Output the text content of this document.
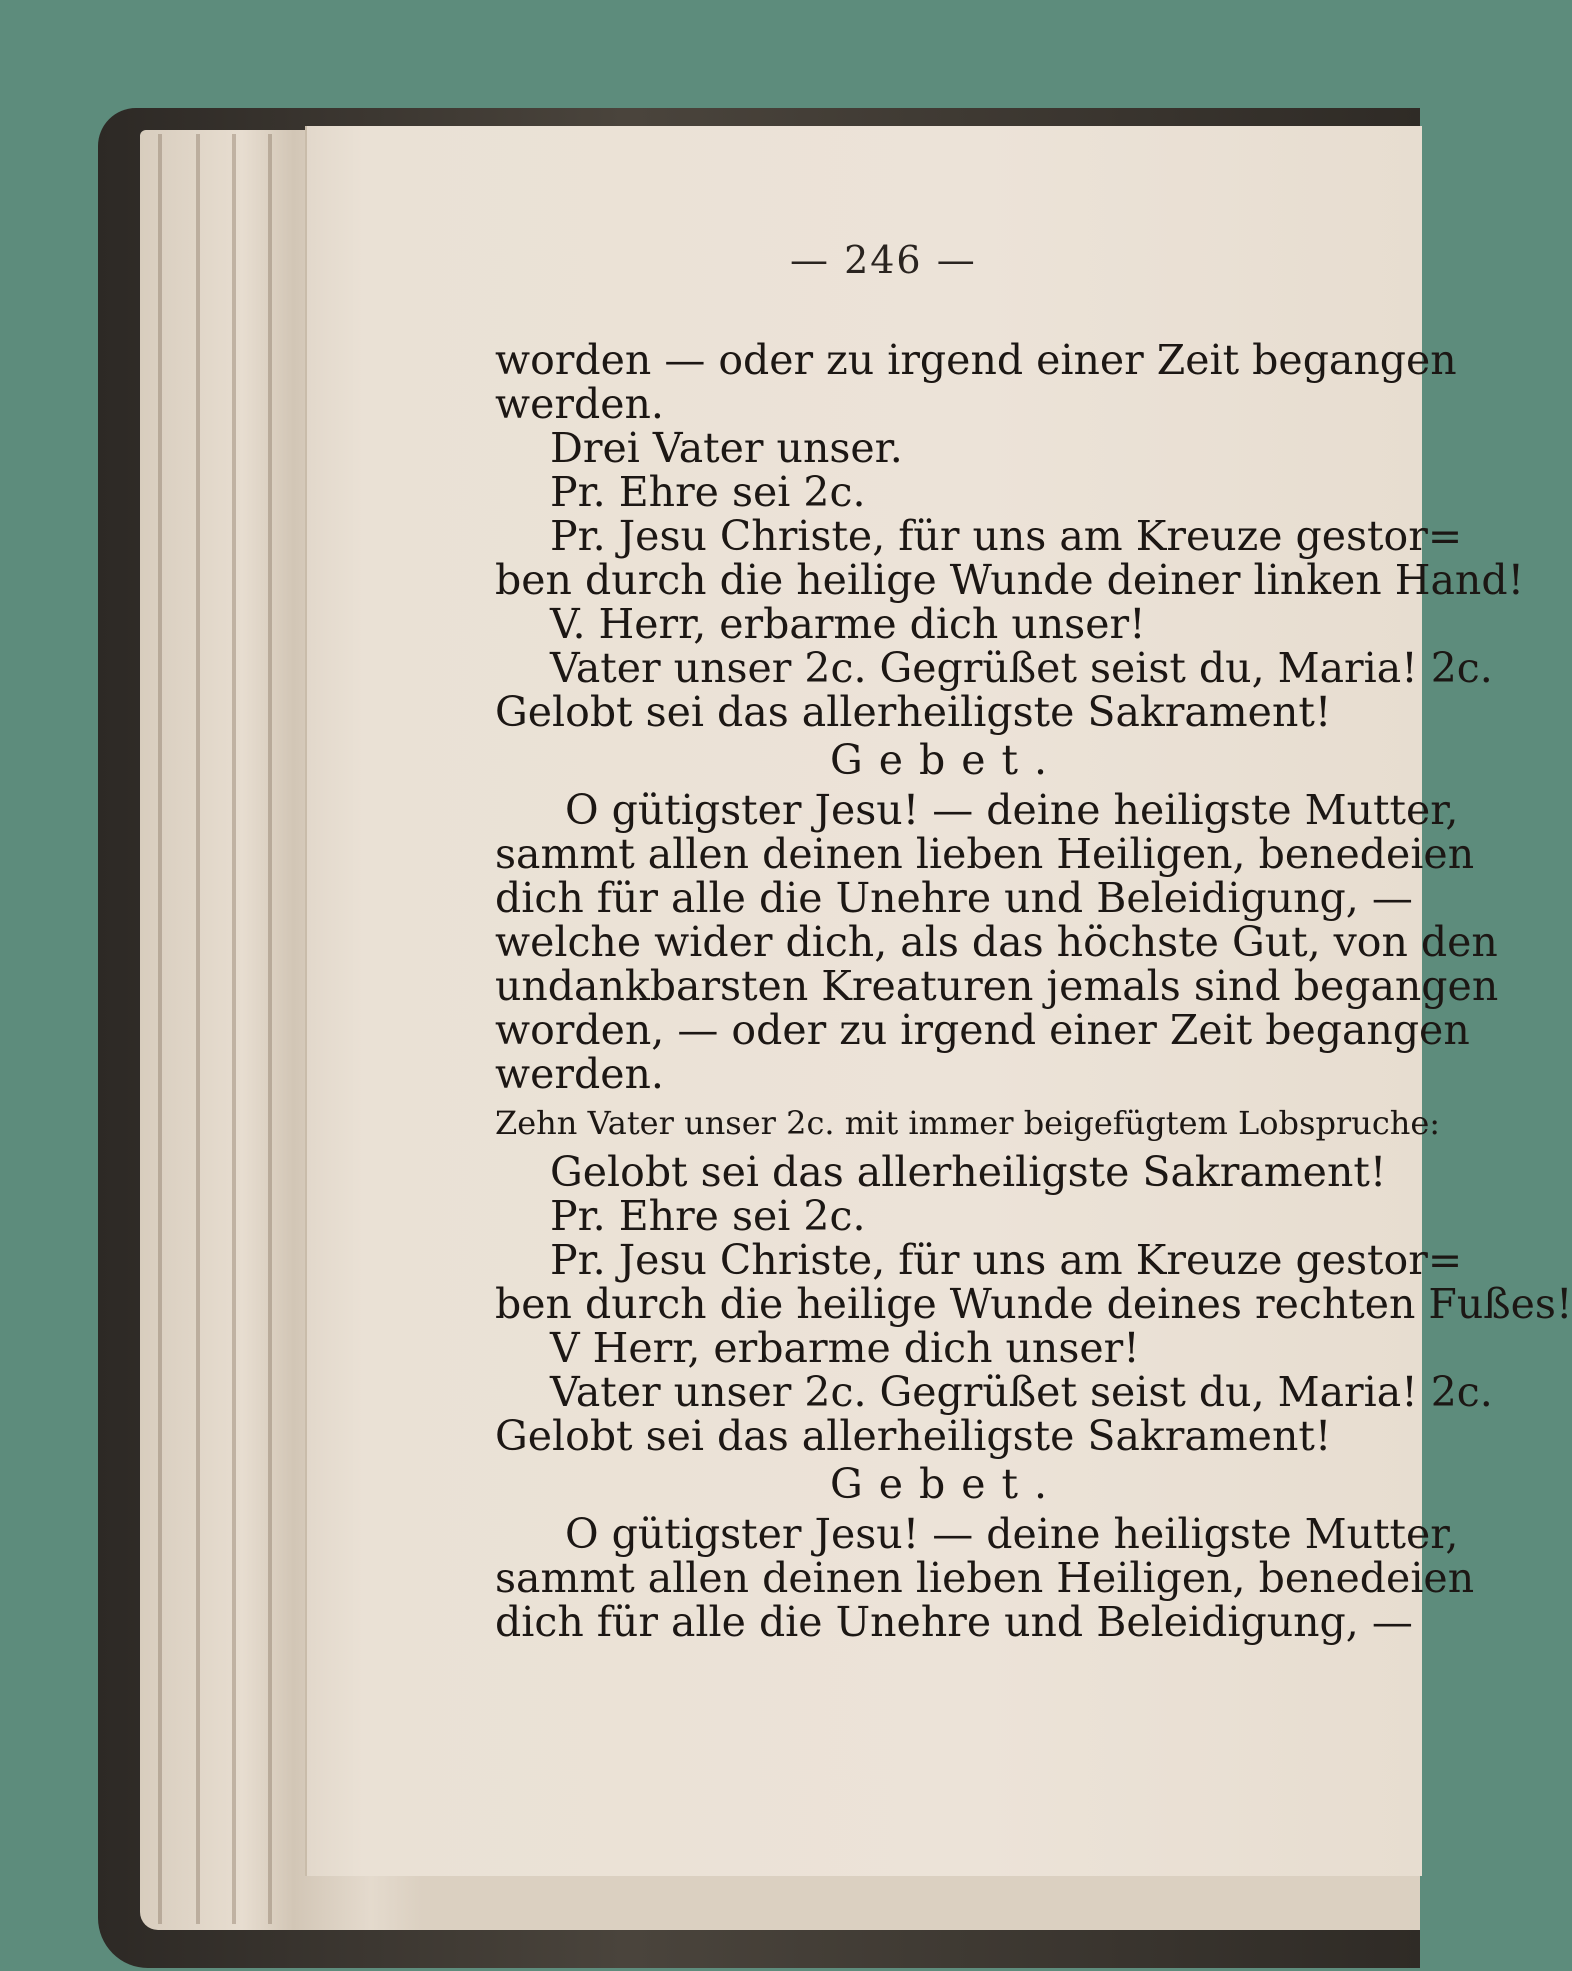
— 246 —
worden — oder zu irgend einer Zeit begangen
werden.
Drei Vater unser.
Pr. Ehre sei 2c.
Pr. Jesu Christe, für uns am Kreuze gestor=
ben durch die heilige Wunde deiner linken Hand!
V. Herr, erbarme dich unser!
Vater unser 2c. Gegrüßet seist du, Maria! 2c.
Gelobt sei das allerheiligste Sakrament!
Gebet.
O gütigster Jesu! — deine heiligste Mutter,
sammt allen deinen lieben Heiligen, benedeien
dich für alle die Unehre und Beleidigung, —
welche wider dich, als das höchste Gut, von den
undankbarsten Kreaturen jemals sind begangen
worden, — oder zu irgend einer Zeit begangen
werden.
Zehn Vater unser 2c. mit immer beigefügtem Lobspruche:
Gelobt sei das allerheiligste Sakrament!
Pr. Ehre sei 2c.
Pr. Jesu Christe, für uns am Kreuze gestor=
ben durch die heilige Wunde deines rechten Fußes!
V Herr, erbarme dich unser!
Vater unser 2c. Gegrüßet seist du, Maria! 2c.
Gelobt sei das allerheiligste Sakrament!
Gebet.
O gütigster Jesu! — deine heiligste Mutter,
sammt allen deinen lieben Heiligen, benedeien
dich für alle die Unehre und Beleidigung, —
